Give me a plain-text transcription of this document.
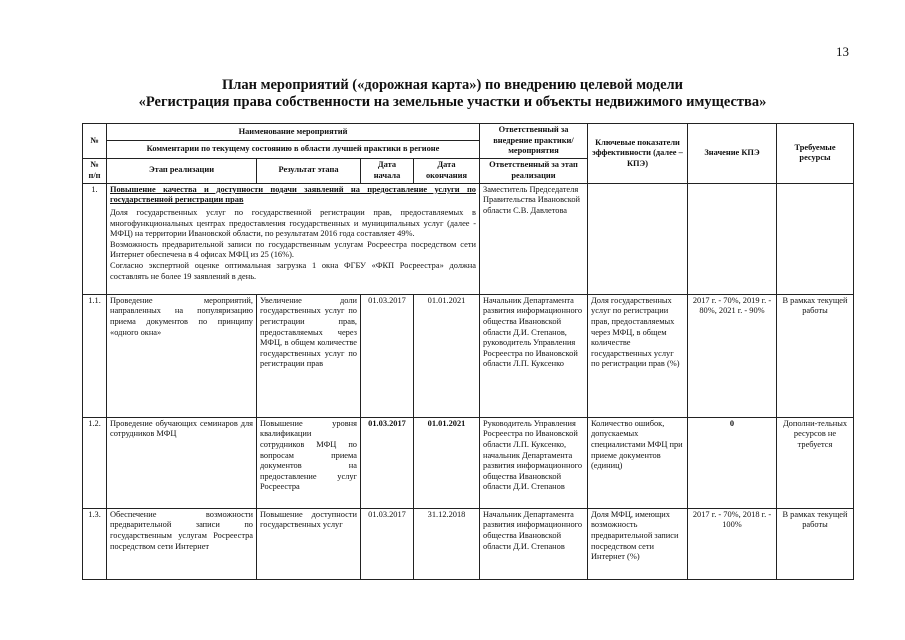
13
План мероприятий («дорожная карта») по внедрению целевой модели
«Регистрация права собственности на земельные участки и объекты недвижимого имущества»
№	Наименование мероприятий				Ответственный за внедрение практики/мероприятия	Ключевые показатели эффективности (далее – КПЭ)	Значение КПЭ	Требуемые ресурсы
	Комментарии по текущему состоянию в области лучшей практики в регионе							
№ п/п	Этап реализации	Результат этапа	Дата начала	Дата окончания	Ответственный за этап реализации			
1.	Повышение качества и доступности подачи заявлений на предоставление услуги по государственной регистрации прав

Доля государственных услуг по государственной регистрации прав, предоставляемых в многофункциональных центрах предоставления государственных и муниципальных услуг (далее - МФЦ) на территории Ивановской области, по результатам 2016 года составляет 49%.

Возможность предварительной записи по государственным услугам Росреестра посредством сети Интернет обеспечена в 4 офисах МФЦ из 25 (16%).

Согласно экспертной оценке оптимальная загрузка 1 окна ФГБУ «ФКП Росреестра» должна составлять не более 19 заявлений в день.				Заместитель Председателя Правительства Ивановской области С.В. Давлетова			
1.1.	Проведение мероприятий, направленных на популяризацию приема документов по принципу «одного окна»	Увеличение доли государственных услуг по регистрации прав, предоставляемых через МФЦ, в общем количестве государственных услуг по регистрации прав	01.03.2017	01.01.2021	Начальник Департамента развития информационного общества Ивановской области Д.И. Степанов, руководитель Управления Росреестра по Ивановской области Л.П. Куксенко	Доля государственных услуг по регистрации прав, предоставляемых через МФЦ, в общем количестве государственных услуг по регистрации прав (%)	2017 г. - 70%, 2019 г. - 80%, 2021 г. - 90%	В рамках текущей работы
1.2.	Проведение обучающих семинаров для сотрудников МФЦ	Повышение уровня квалификации сотрудников МФЦ по вопросам приема документов на предоставление услуг Росреестра	01.03.2017	01.01.2021	Руководитель Управления Росреестра по Ивановской области Л.П. Куксенко, начальник Департамента развития информационного общества Ивановской области Д.И. Степанов	Количество ошибок, допускаемых специалистами МФЦ при приеме документов (единиц)	0	Дополни-тельных ресурсов не требуется
1.3.	Обеспечение возможности предварительной записи по государственным услугам Росреестра посредством сети Интернет	Повышение доступности государственных услуг	01.03.2017	31.12.2018	Начальник Департамента развития информационного общества Ивановской области Д.И. Степанов	Доля МФЦ, имеющих возможность предварительной записи посредством сети Интернет (%)	2017 г. - 70%, 2018 г. - 100%	В рамках текущей работы
